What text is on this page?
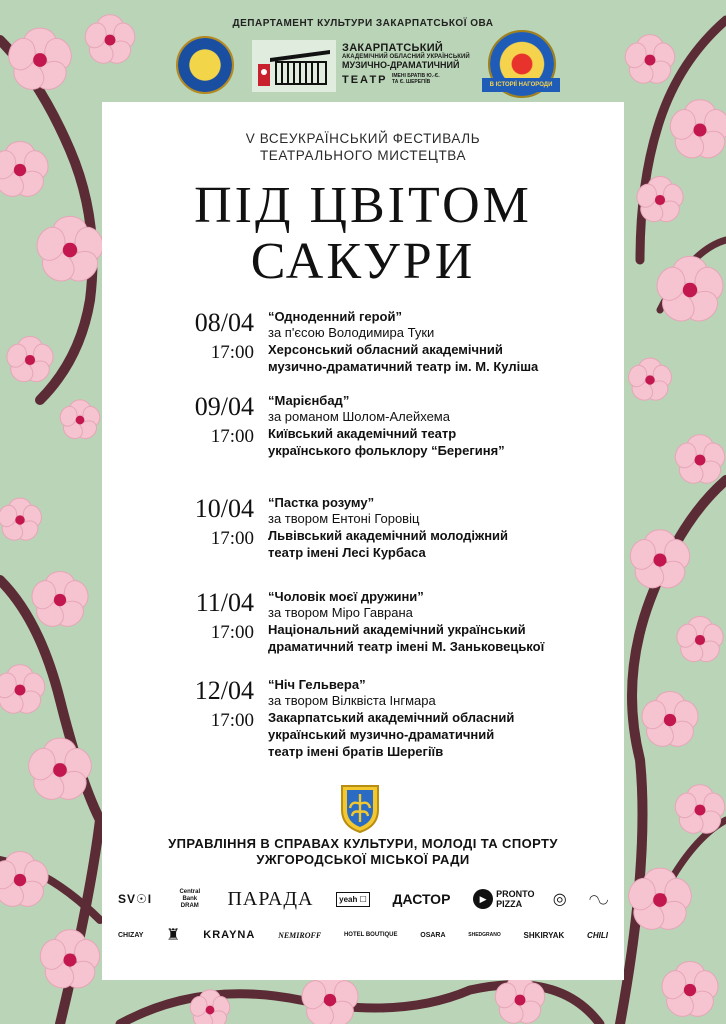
ДЕПАРТАМЕНТ КУЛЬТУРИ ЗАКАРПАТСЬКОЇ ОВА
ЗАКАРПАТСЬКИЙ
АКАДЕМІЧНИЙ ОБЛАСНИЙ УКРАЇНСЬКИЙ
МУЗИЧНО-ДРАМАТИЧНИЙ
ТЕАТР ІМЕНІ БРАТІВ Ю.-Є. ТА Є. ШЕРЕГІЇВ
В ІСТОРІЇ НАГОРОДИ
V ВСЕУКРАЇНСЬКИЙ ФЕСТИВАЛЬ
ТЕАТРАЛЬНОГО МИСТЕЦТВА
ПІД ЦВІТОМ
САКУРИ
08/04
17:00
“Одноденний герой”
за п'єсою Володимира Туки
Херсонський обласний академічний
музично-драматичний театр ім. М. Куліша
09/04
17:00
“Марієнбад”
за романом Шолом-Алейхема
Київський академічний театр
українського фольклору “Берегиня”
10/04
17:00
“Пастка розуму”
за твором Ентоні Горовіц
Львівський академічний молодіжний
театр імені Лесі Курбаса
11/04
17:00
“Чоловік моєї дружини”
за твором Міро Гаврана
Національний академічний український
драматичний театр імені М. Заньковецької
12/04
17:00
“Ніч Гельвера”
за твором Вілквіста Інгмара
Закарпатський академічний обласний
український музично-драматичний
театр імені братів Шерегіїв
УПРАВЛІННЯ В СПРАВАХ КУЛЬТУРИ, МОЛОДІ ТА СПОРТУ
УЖГОРОДСЬКОЇ МІСЬКОЇ РАДИ
SV☉I
Central Bank DRAM	ПАРАДА	yeah ☐ ДАСТОР	▶	PRONTO PIZZA	◎ ◠◡
CHIZAY ♜ KRAYNA	NEMIROFF	HOTEL BOUTIQUE	OSARA	SHEDGRANO	SHKIRYAK	CHILI
